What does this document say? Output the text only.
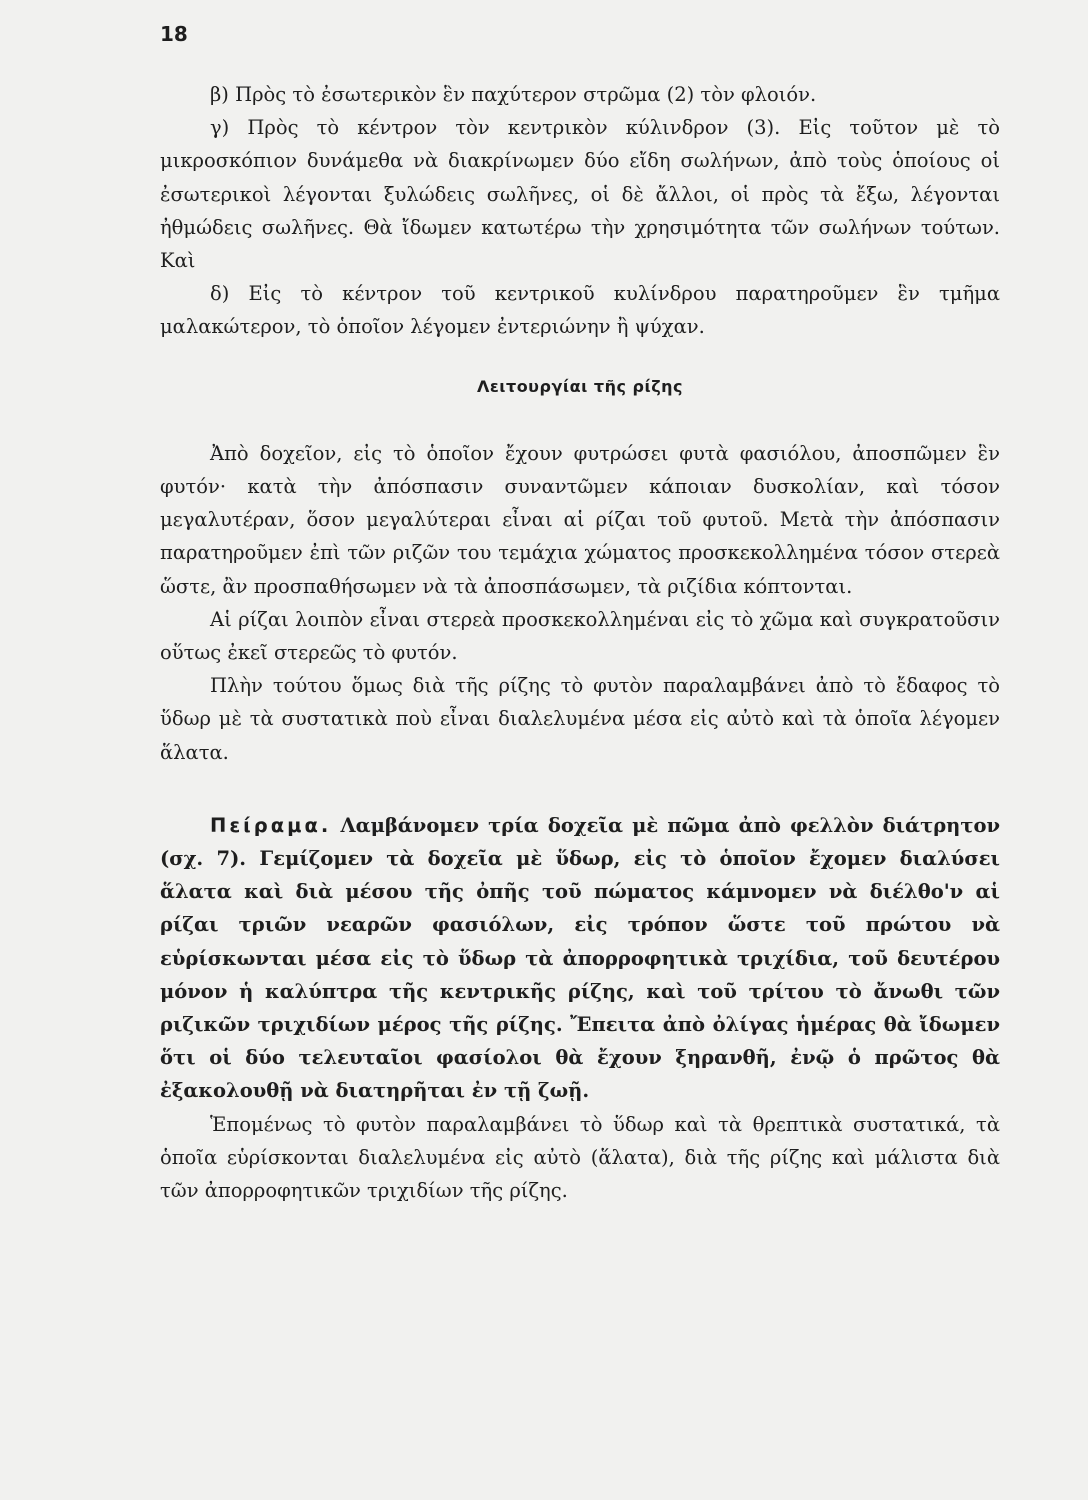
18

β) Πρὸς τὸ ἐσωτερικὸν ἓν παχύτερον στρῶμα (2) τὸν φλοιόν.

γ) Πρὸς τὸ κέντρον τὸν κεντρικὸν κύλινδρον (3). Εἰς τοῦτον μὲ τὸ μικροσκόπιον δυνάμεθα νὰ διακρίνωμεν δύο εἴδη σωλήνων, ἀπὸ τοὺς ὁποίους οἱ ἐσωτερικοὶ λέγονται ξυλώδεις σωλῆνες, οἱ δὲ ἄλλοι, οἱ πρὸς τὰ ἔξω, λέγονται ἠθμώδεις σωλῆνες. Θὰ ἴδωμεν κατωτέρω τὴν χρησιμότητα τῶν σωλήνων τούτων. Καὶ

δ) Εἰς τὸ κέντρον τοῦ κεντρικοῦ κυλίνδρου παρατηροῦμεν ἓν τμῆμα μαλακώτερον, τὸ ὁποῖον λέγομεν ἐντεριώνην ἢ ψύχαν.

Λειτουργίαι τῆς ρίζης

Ἀπὸ δοχεῖον, εἰς τὸ ὁποῖον ἔχουν φυτρώσει φυτὰ φασιόλου, ἀποσπῶμεν ἓν φυτόν· κατὰ τὴν ἀπόσπασιν συναντῶμεν κάποιαν δυσκολίαν, καὶ τόσον μεγαλυτέραν, ὅσον μεγαλύτεραι εἶναι αἱ ρίζαι τοῦ φυτοῦ. Μετὰ τὴν ἀπόσπασιν παρατηροῦμεν ἐπὶ τῶν ριζῶν του τεμάχια χώματος προσκεκολλημένα τόσον στερεὰ ὥστε, ἂν προσπαθήσωμεν νὰ τὰ ἀποσπάσωμεν, τὰ ριζίδια κόπτονται.

Αἱ ρίζαι λοιπὸν εἶναι στερεὰ προσκεκολλημέναι εἰς τὸ χῶμα καὶ συγκρατοῦσιν οὕτως ἐκεῖ στερεῶς τὸ φυτόν.

Πλὴν τούτου ὅμως διὰ τῆς ρίζης τὸ φυτὸν παραλαμβάνει ἀπὸ τὸ ἔδαφος τὸ ὕδωρ μὲ τὰ συστατικὰ ποὺ εἶναι διαλελυμένα μέσα εἰς αὐτὸ καὶ τὰ ὁποῖα λέγομεν ἅλατα.

Πείραμα. Λαμβάνομεν τρία δοχεῖα μὲ πῶμα ἀπὸ φελλὸν διάτρητον (σχ. 7). Γεμίζομεν τὰ δοχεῖα μὲ ὕδωρ, εἰς τὸ ὁποῖον ἔχομεν διαλύσει ἅλατα καὶ διὰ μέσου τῆς ὀπῆς τοῦ πώματος κάμνομεν νὰ διέλθο'ν αἱ ρίζαι τριῶν νεαρῶν φασιόλων, εἰς τρόπον ὥστε τοῦ πρώτου νὰ εὑρίσκωνται μέσα εἰς τὸ ὕδωρ τὰ ἀπορροφητικὰ τριχίδια, τοῦ δευτέρου μόνον ἡ καλύπτρα τῆς κεντρικῆς ρίζης, καὶ τοῦ τρίτου τὸ ἄνωθι τῶν ριζικῶν τριχιδίων μέρος τῆς ρίζης. Ἔπειτα ἀπὸ ὀλίγας ἡμέρας θὰ ἴδωμεν ὅτι οἱ δύο τελευταῖοι φασίολοι θὰ ἔχουν ξηρανθῆ, ἐνῷ ὁ πρῶτος θὰ ἐξακολουθῇ νὰ διατηρῆται ἐν τῇ ζωῇ.

Ἑπομένως τὸ φυτὸν παραλαμβάνει τὸ ὕδωρ καὶ τὰ θρεπτικὰ συστατικά, τὰ ὁποῖα εὑρίσκονται διαλελυμένα εἰς αὐτὸ (ἅλατα), διὰ τῆς ρίζης καὶ μάλιστα διὰ τῶν ἀπορροφητικῶν τριχιδίων τῆς ρίζης.
